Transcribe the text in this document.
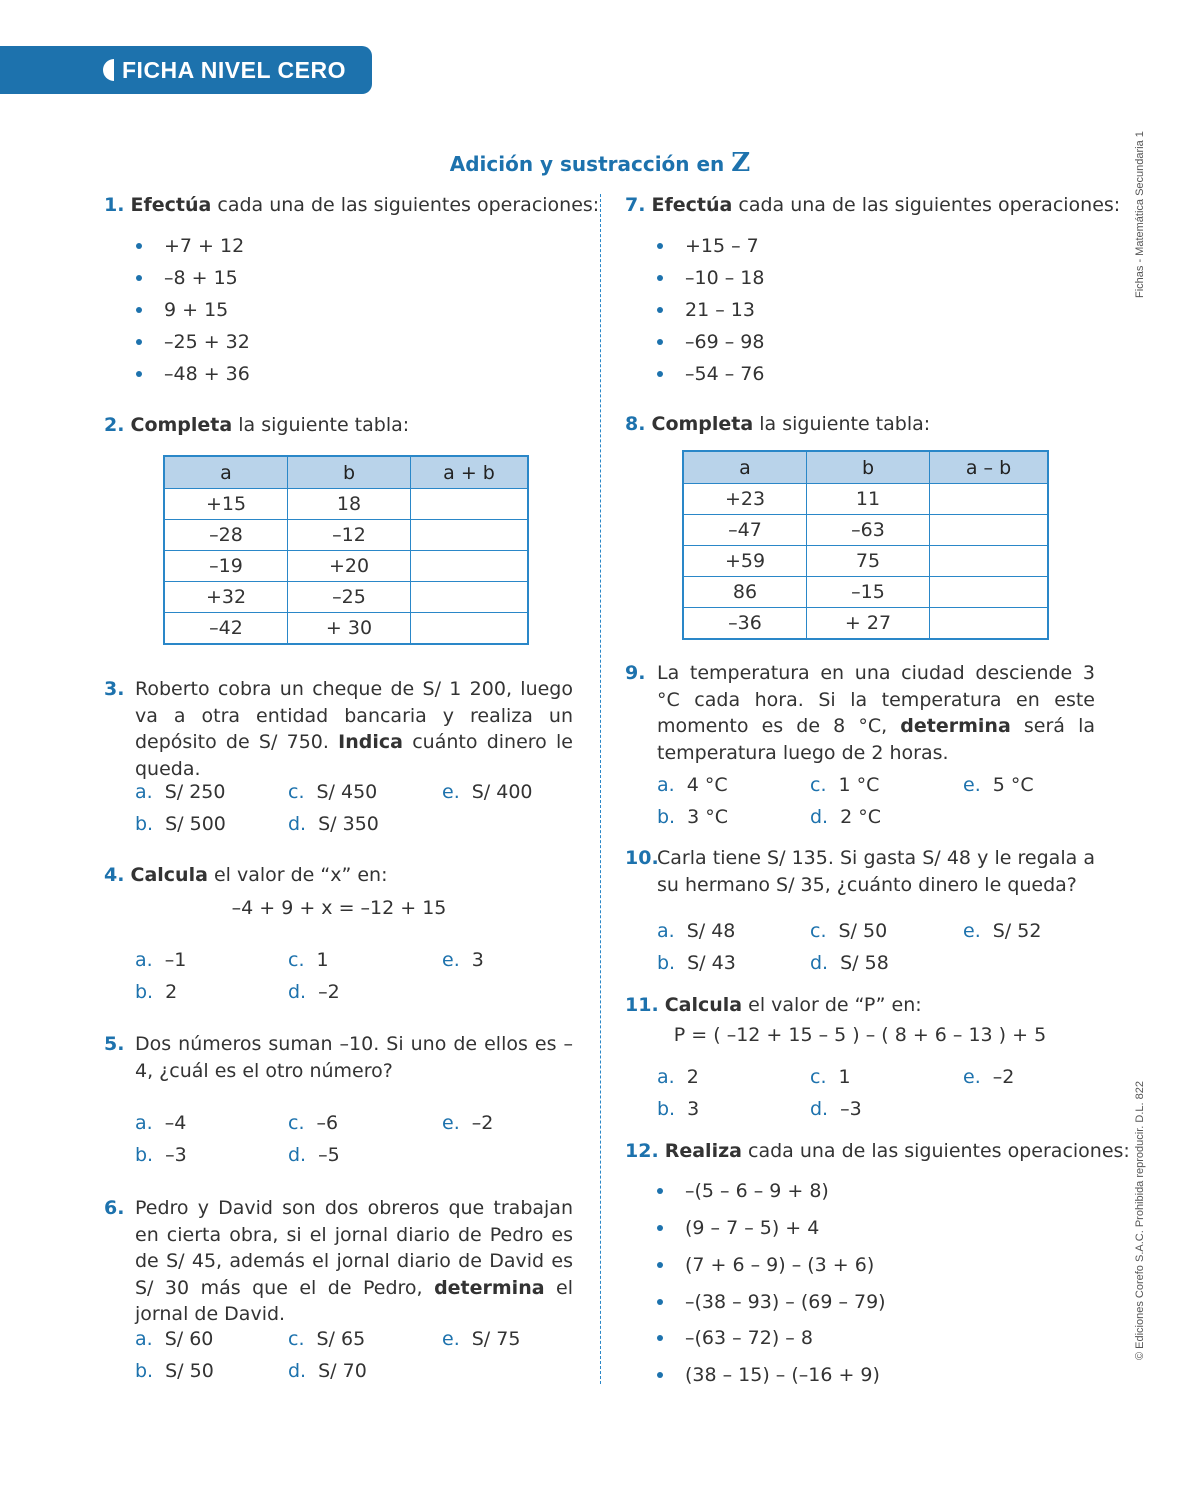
FICHA NIVEL CERO
Fichas - Matemática Secundaria 1
© Ediciones Corefo S.A.C. Prohibida reproducir. D.L. 822
Adición y sustracción en Z
1. Efectúa cada una de las siguientes operaciones:
+7 + 12
–8 + 15
9 + 15
–25 + 32
–48 + 36
2. Completa la siguiente tabla:
a	b	a + b
+15	18	
–28	–12	
–19	+20	
+32	–25	
–42	+ 30	
3. Roberto cobra un cheque de S/ 1 200, luego va a otra entidad bancaria y realiza un depósito de S/ 750. Indica cuánto dinero le queda.
a. S/ 250
b. S/ 500
c. S/ 450
d. S/ 350
e. S/ 400
4. Calcula el valor de “x” en:
–4 + 9 + x = –12 + 15
a. –1
b. 2
c. 1
d. –2
e. 3
5. Dos números suman –10. Si uno de ellos es –4, ¿cuál es el otro número?
a. –4
b. –3
c. –6
d. –5
e. –2
6. Pedro y David son dos obreros que trabajan en cierta obra, si el jornal diario de Pedro es de S/ 45, además el jornal diario de David es S/ 30 más que el de Pedro, determina el jornal de David.
a. S/ 60
b. S/ 50
c. S/ 65
d. S/ 70
e. S/ 75
7. Efectúa cada una de las siguientes operaciones:
+15 – 7
–10 – 18
21 – 13
–69 – 98
–54 – 76
8. Completa la siguiente tabla:
a	b	a – b
+23	11	
–47	–63	
+59	75	
86	–15	
–36	+ 27	
9. La temperatura en una ciudad desciende 3 °C cada hora. Si la temperatura en este momento es de 8 °C, determina será la temperatura luego de 2 horas.
a. 4 °C
b. 3 °C
c. 1 °C
d. 2 °C
e. 5 °C
10.
Carla tiene S/ 135. Si gasta S/ 48 y le regala a su hermano S/ 35, ¿cuánto dinero le queda?
a. S/ 48
b. S/ 43
c. S/ 50
d. S/ 58
e. S/ 52
11. Calcula el valor de “P” en:
P = ( –12 + 15 – 5 ) – ( 8 + 6 – 13 ) + 5
a. 2
b. 3
c. 1
d. –3
e. –2
12. Realiza cada una de las siguientes operaciones:
–(5 – 6 – 9 + 8)
(9 – 7 – 5) + 4
(7 + 6 – 9) – (3 + 6)
–(38 – 93) – (69 – 79)
–(63 – 72) – 8
(38 – 15) – (–16 + 9)
